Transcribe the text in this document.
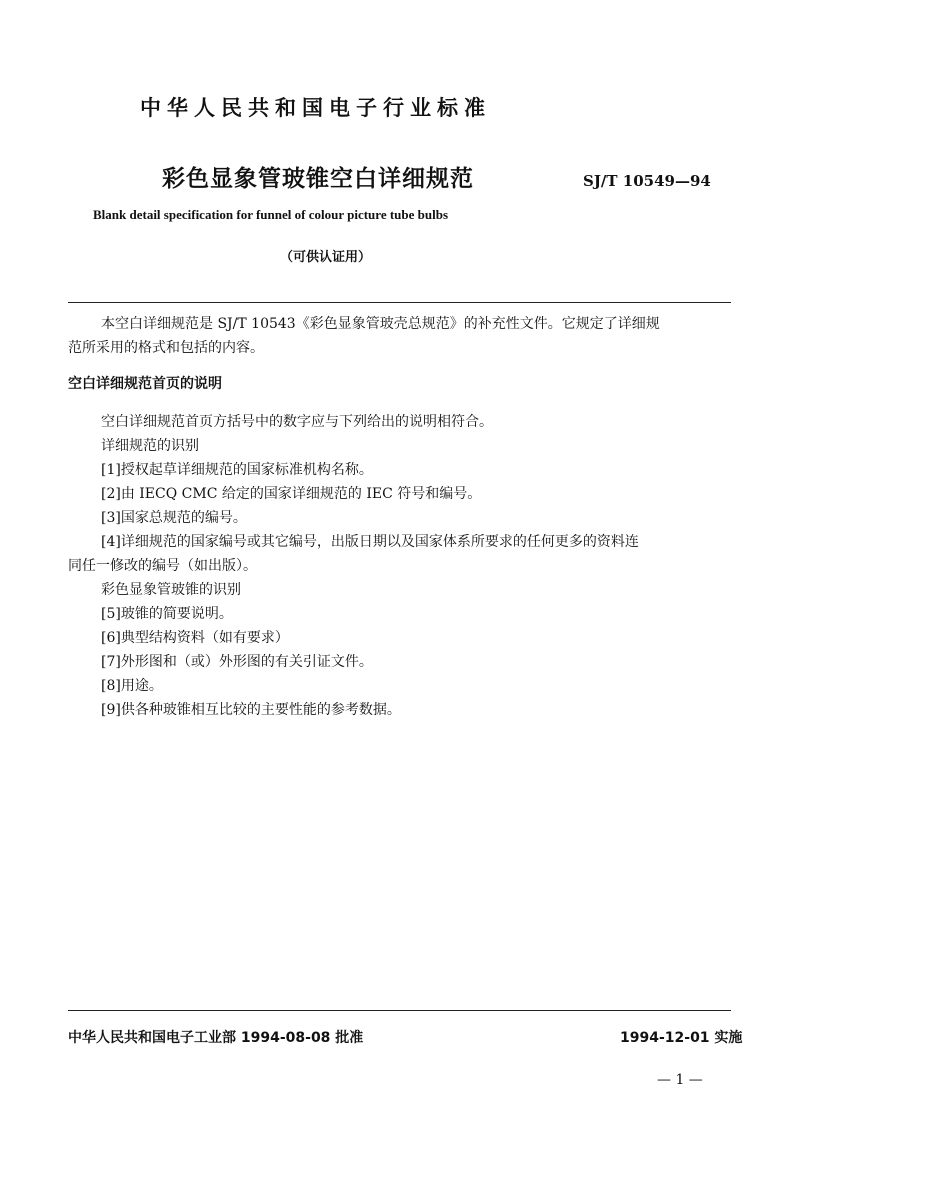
中华人民共和国电子行业标准
彩色显象管玻锥空白详细规范	SJ/T 10549—94
Blank detail specification for funnel of colour picture tube bulbs
（可供认证用）

本空白详细规范是 SJ/T 10543《彩色显象管玻壳总规范》的补充性文件。它规定了详细规

范所采用的格式和包括的内容。

空白详细规范首页的说明
空白详细规范首页方括号中的数字应与下列给出的说明相符合。
详细规范的识别
[1]授权起草详细规范的国家标准机构名称。
[2]由 IECQ CMC 给定的国家详细规范的 IEC 符号和编号。
[3]国家总规范的编号。
[4]详细规范的国家编号或其它编号，出版日期以及国家体系所要求的任何更多的资料连
同任一修改的编号（如出版）。
彩色显象管玻锥的识别
[5]玻锥的简要说明。
[6]典型结构资料（如有要求）
[7]外形图和（或）外形图的有关引证文件。
[8]用途。
[9]供各种玻锥相互比较的主要性能的参考数据。
中华人民共和国电子工业部 1994-08-08 批准	1994-12-01 实施
— 1 —
